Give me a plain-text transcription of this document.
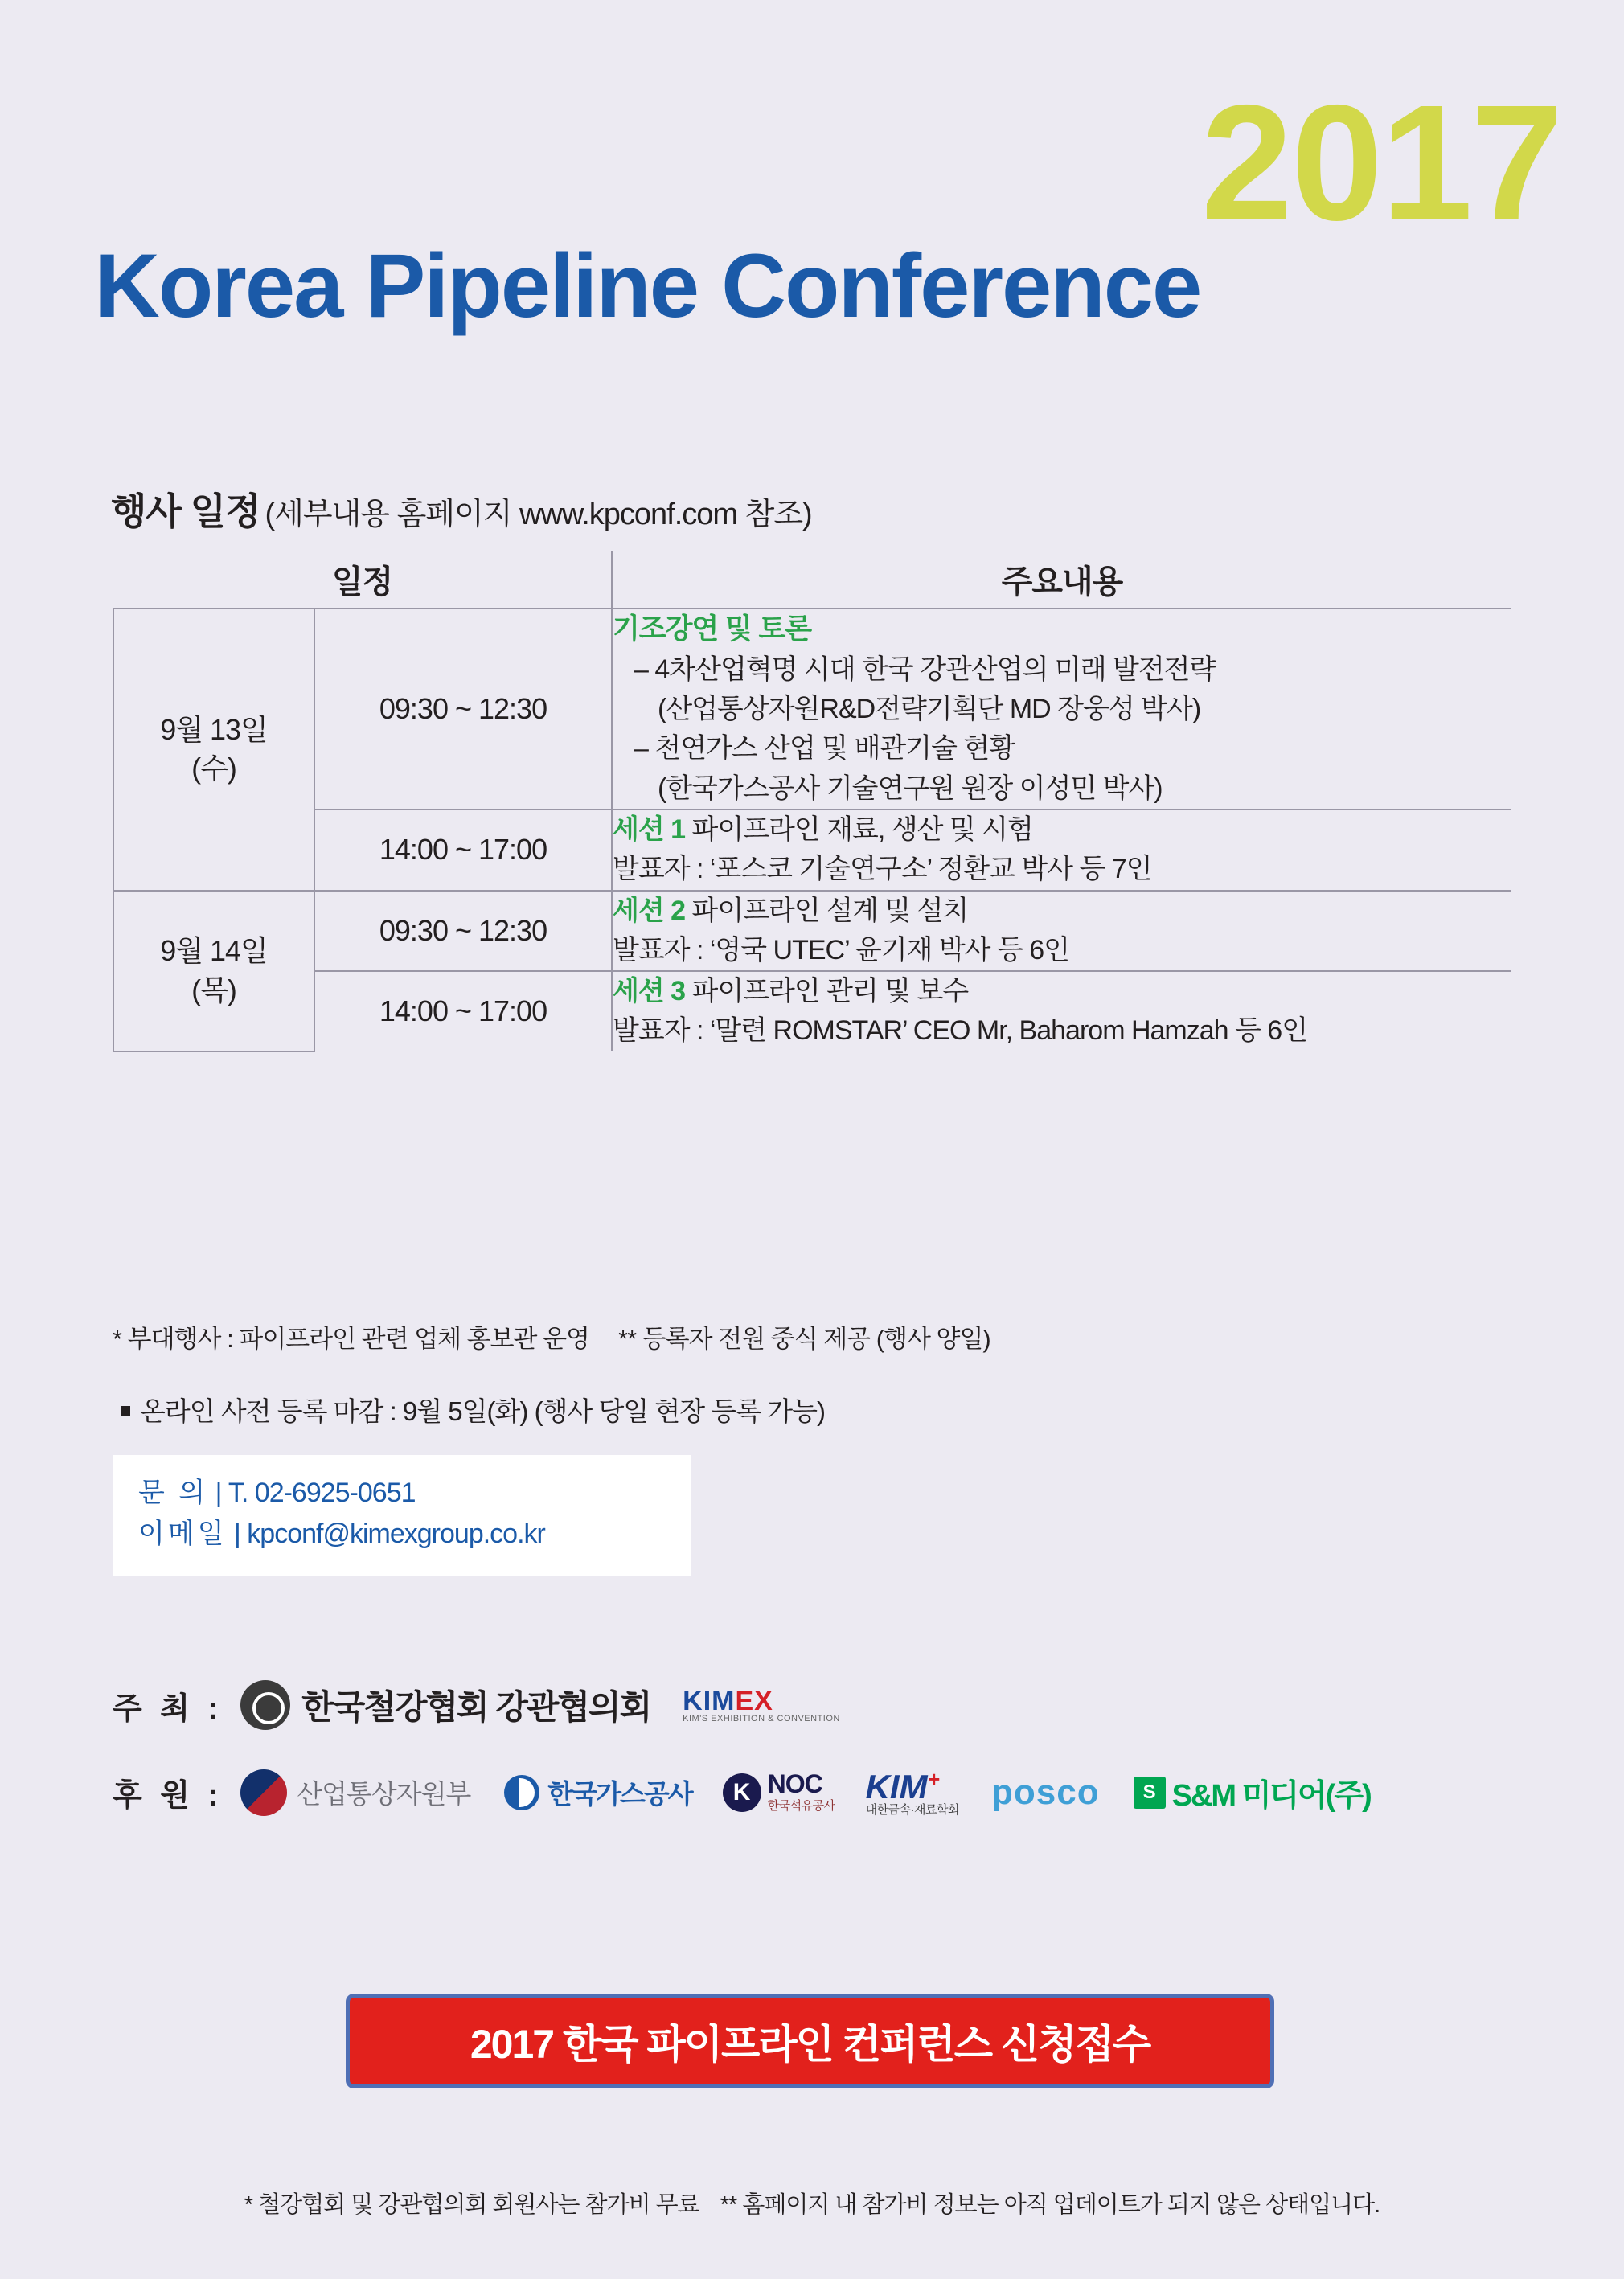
2017
Korea Pipeline Conference
행사 일정 (세부내용 홈페이지 www.kpconf.com 참조)
일정		주요내용

9월 13일
(수)
	09:30 ~ 12:30	기조강연 및 토론
– 4차산업혁명 시대 한국 강관산업의 미래 발전전략
(산업통상자원R&D전략기획단 MD 장웅성 박사)
– 천연가스 산업 및 배관기술 현황
(한국가스공사 기술연구원 원장 이성민 박사)

	14:00 ~ 17:00	세션 1 파이프라인 재료, 생산 및 시험
발표자 : ‘포스코 기술연구소’ 정환교 박사 등 7인

9월 14일
(목)
	09:30 ~ 12:30	
세션 2 파이프라인 설계 및 설치
발표자 : ‘영국 UTEC’ 윤기재 박사 등 6인

	14:00 ~ 17:00	세션 3 파이프라인 관리 및 보수
발표자 : ‘말련 ROMSTAR’ CEO Mr, Baharom Hamzah 등 6인
* 부대행사 : 파이프라인 관련 업체 홍보관 운영 ** 등록자 전원 중식 제공 (행사 양일)
온라인 사전 등록 마감 : 9월 5일(화) (행사 당일 현장 등록 가능)
문 의 | T. 02-6925-0651
이메일 | kpconf@kimexgroup.co.kr
주 최 : 한국철강협회 강관협의회 KIMEX
KIM'S EXHIBITION & CONVENTION
후 원 :	산업통상자원부	한국가스공사	K NOC
한국석유공사
KIM+
대한금속·재료학회 posco	S S&M 미디어(주)
2017 한국 파이프라인 컨퍼런스 신청접수
* 철강협회 및 강관협의회 회원사는 참가비 무료 ** 홈페이지 내 참가비 정보는 아직 업데이트가 되지 않은 상태입니다.
